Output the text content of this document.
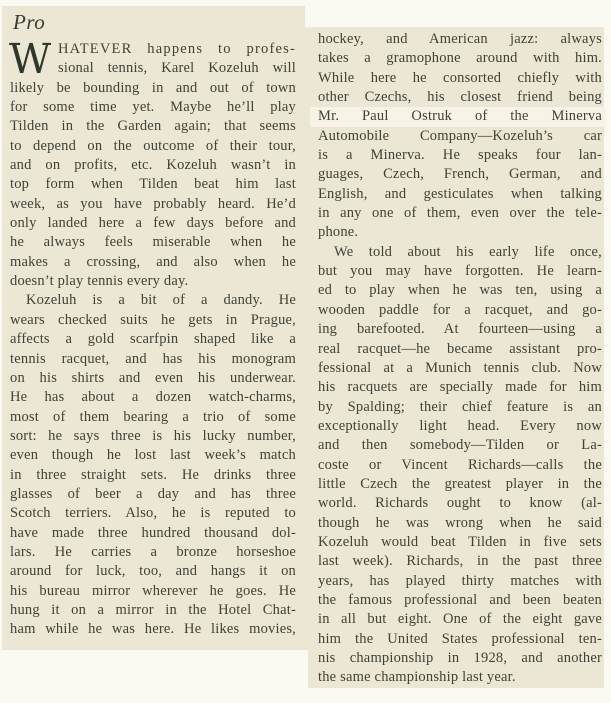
Pro
W HATEVER happens to profes-
sional tennis, Karel Kozeluh will
likely be bounding in and out of town
for some time yet. Maybe he’ll play
Tilden in the Garden again; that seems
to depend on the outcome of their tour,
and on profits, etc. Kozeluh wasn’t in
top form when Tilden beat him last
week, as you have probably heard. He’d
only landed here a few days before and
he always feels miserable when he
makes a crossing, and also when he
doesn’t play tennis every day.
Kozeluh is a bit of a dandy. He
wears checked suits he gets in Prague,
affects a gold scarfpin shaped like a
tennis racquet, and has his monogram
on his shirts and even his underwear.
He has about a dozen watch-charms,
most of them bearing a trio of some
sort: he says three is his lucky number,
even though he lost last week’s match
in three straight sets. He drinks three
glasses of beer a day and has three
Scotch terriers. Also, he is reputed to
have made three hundred thousand dol-
lars. He carries a bronze horseshoe
around for luck, too, and hangs it on
his bureau mirror wherever he goes. He
hung it on a mirror in the Hotel Chat-
ham while he was here. He likes movies,
hockey, and American jazz: always
takes a gramophone around with him.
While here he consorted chiefly with
other Czechs, his closest friend being
Mr. Paul Ostruk of the Minerva
Automobile Company—Kozeluh’s car
is a Minerva. He speaks four lan-
guages, Czech, French, German, and
English, and gesticulates when talking
in any one of them, even over the tele-
phone.
We told about his early life once,
but you may have forgotten. He learn-
ed to play when he was ten, using a
wooden paddle for a racquet, and go-
ing barefooted. At fourteen—using a
real racquet—he became assistant pro-
fessional at a Munich tennis club. Now
his racquets are specially made for him
by Spalding; their chief feature is an
exceptionally light head. Every now
and then somebody—Tilden or La-
coste or Vincent Richards—calls the
little Czech the greatest player in the
world. Richards ought to know (al-
though he was wrong when he said
Kozeluh would beat Tilden in five sets
last week). Richards, in the past three
years, has played thirty matches with
the famous professional and been beaten
in all but eight. One of the eight gave
him the United States professional ten-
nis championship in 1928, and another
the same championship last year.
